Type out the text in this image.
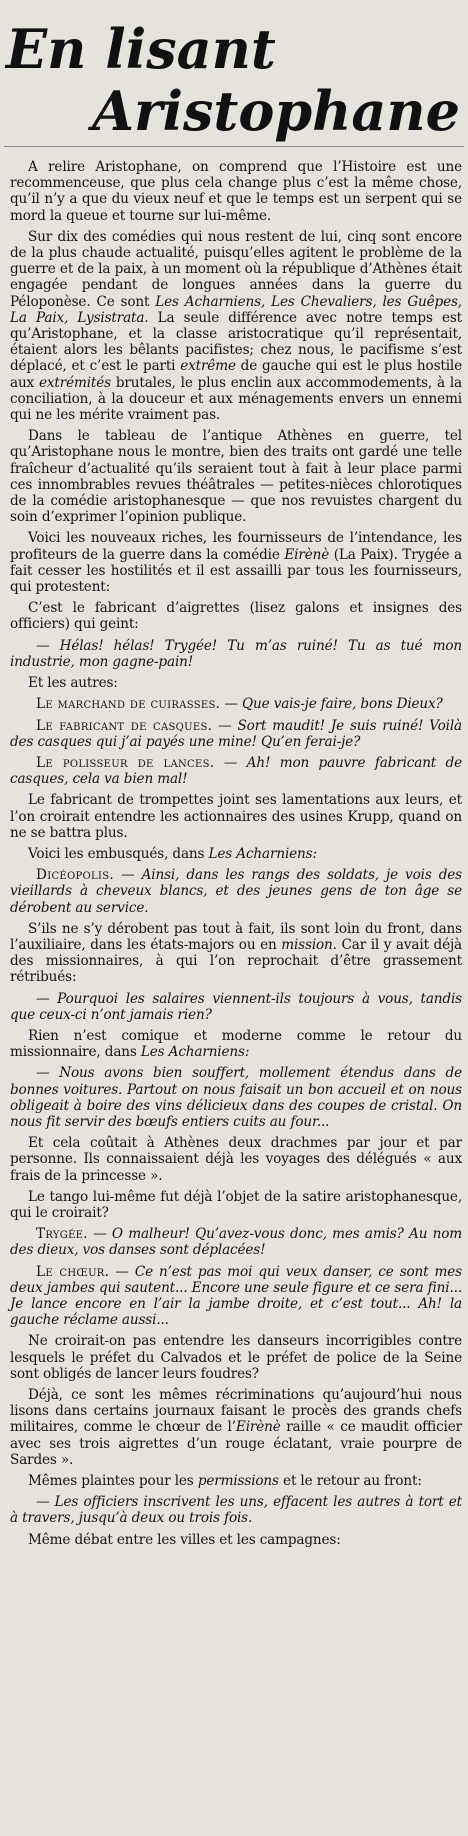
En lisant
Aristophane

A relire Aristophane, on comprend que l’Histoire est une recommenceuse, que plus cela change plus c’est la même chose, qu’il n’y a que du vieux neuf et que le temps est un serpent qui se mord la queue et tourne sur lui-même.

Sur dix des comédies qui nous restent de lui, cinq sont encore de la plus chaude actualité, puisqu’elles agitent le problème de la guerre et de la paix, à un moment où la république d’Athènes était engagée pendant de longues années dans la guerre du Péloponèse. Ce sont Les Acharniens, Les Chevaliers, les Guêpes, La Paix, Lysistrata. La seule différence avec notre temps est qu’Aristophane, et la classe aristocratique qu’il représentait, étaient alors les bêlants pacifistes; chez nous, le pacifisme s’est déplacé, et c’est le parti extrême de gauche qui est le plus hostile aux extrémités brutales, le plus enclin aux accommodements, à la conciliation, à la douceur et aux ménagements envers un ennemi qui ne les mérite vraiment pas.

Dans le tableau de l’antique Athènes en guerre, tel qu’Aristophane nous le montre, bien des traits ont gardé une telle fraîcheur d’actualité qu’ils seraient tout à fait à leur place parmi ces innombrables revues théâtrales — petites-nièces chlorotiques de la comédie aristophanesque — que nos revuistes chargent du soin d’exprimer l’opinion publique.

Voici les nouveaux riches, les fournisseurs de l’intendance, les profiteurs de la guerre dans la comédie Eirènè (La Paix). Trygée a fait cesser les hostilités et il est assailli par tous les fournisseurs, qui protestent:

C’est le fabricant d’aigrettes (lisez galons et insignes des officiers) qui geint:

— Hélas! hélas! Trygée! Tu m’as ruiné! Tu as tué mon industrie, mon gagne-pain!

Et les autres:

Le marchand de cuirasses. — Que vais-je faire, bons Dieux?

Le fabricant de casques. — Sort maudit! Je suis ruiné! Voilà des casques qui j’ai payés une mine! Qu’en ferai-je?

Le polisseur de lances. — Ah! mon pauvre fabricant de casques, cela va bien mal!

Le fabricant de trompettes joint ses lamentations aux leurs, et l’on croirait entendre les actionnaires des usines Krupp, quand on ne se battra plus.

Voici les embusqués, dans Les Acharniens:

Dicéopolis. — Ainsi, dans les rangs des soldats, je vois des vieillards à cheveux blancs, et des jeunes gens de ton âge se dérobent au service.

S’ils ne s’y dérobent pas tout à fait, ils sont loin du front, dans l’auxiliaire, dans les états-majors ou en mission. Car il y avait déjà des missionnaires, à qui l’on reprochait d’être grassement rétribués:

— Pourquoi les salaires viennent-ils toujours à vous, tandis que ceux-ci n’ont jamais rien?

Rien n’est comique et moderne comme le retour du missionnaire, dans Les Acharniens:

— Nous avons bien souffert, mollement étendus dans de bonnes voitures. Partout on nous faisait un bon accueil et on nous obligeait à boire des vins délicieux dans des coupes de cristal. On nous fit servir des bœufs entiers cuits au four...

Et cela coûtait à Athènes deux drachmes par jour et par personne. Ils connaissaient déjà les voyages des délégués « aux frais de la princesse ».

Le tango lui-même fut déjà l’objet de la satire aristophanesque, qui le croirait?

Trygée. — O malheur! Qu’avez-vous donc, mes amis? Au nom des dieux, vos danses sont déplacées!

Le chœur. — Ce n’est pas moi qui veux danser, ce sont mes deux jambes qui sautent... Encore une seule figure et ce sera fini... Je lance encore en l’air la jambe droite, et c’est tout... Ah! la gauche réclame aussi...

Ne croirait-on pas entendre les danseurs incorrigibles contre lesquels le préfet du Calvados et le préfet de police de la Seine sont obligés de lancer leurs foudres?

Déjà, ce sont les mêmes récriminations qu’aujourd’hui nous lisons dans certains journaux faisant le procès des grands chefs militaires, comme le chœur de l’Eirènè raille « ce maudit officier avec ses trois aigrettes d’un rouge éclatant, vraie pourpre de Sardes ».

Mêmes plaintes pour les permissions et le retour au front:

— Les officiers inscrivent les uns, effacent les autres à tort et à travers, jusqu’à deux ou trois fois.

Même débat entre les villes et les campagnes:
